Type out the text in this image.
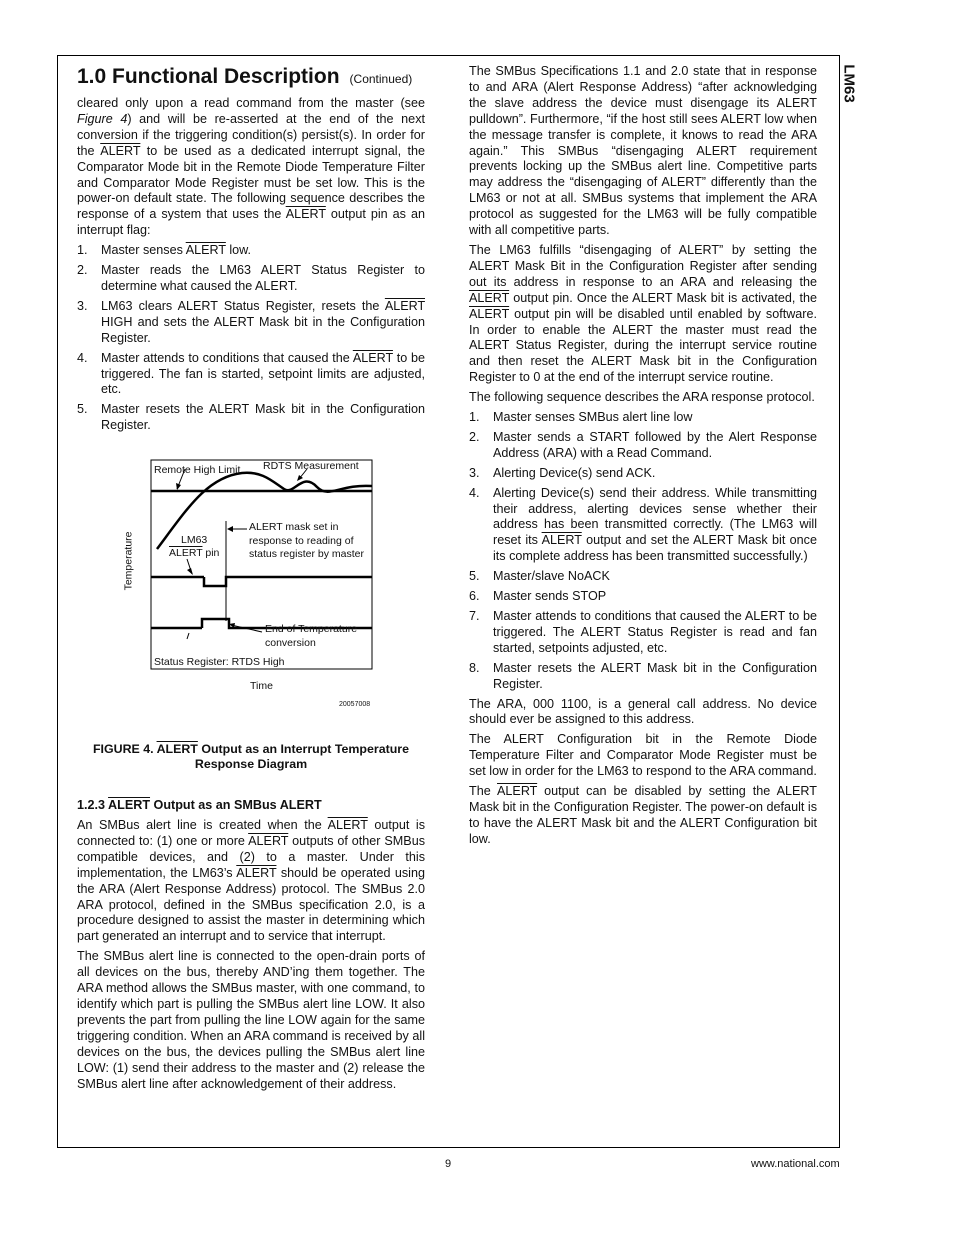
LM63
1.0 Functional Description (Continued)

cleared only upon a read command from the master (see Figure 4) and will be re-asserted at the end of the next conversion if the triggering condition(s) persist(s). In order for the ALERT to be used as a dedicated interrupt signal, the Comparator Mode bit in the Remote Diode Temperature Filter and Comparator Mode Register must be set low. This is the power-on default state. The following sequence describes the response of a system that uses the ALERT output pin as an interrupt flag:

1.	Master senses ALERT low.
2.	Master reads the LM63 ALERT Status Register to determine what caused the ALERT.
3.	LM63 clears ALERT Status Register, resets the ALERT HIGH and sets the ALERT Mask bit in the Configuration Register.
4.	Master attends to conditions that caused the ALERT to be triggered. The fan is started, setpoint limits are adjusted, etc.
5.	Master resets the ALERT Mask bit in the Configuration Register.
Remote High Limit RDTS Measurement
LM63
ALERT pin
ALERT mask set in
response to reading of
status register by master
End of Temperature
conversion
Status Register: RTDS High
Temperature
Time
20057008
FIGURE 4. ALERT Output as an Interrupt Temperature
Response Diagram
1.2.3 ALERT Output as an SMBus ALERT

An SMBus alert line is created when the ALERT output is connected to: (1) one or more ALERT outputs of other SMBus compatible devices, and (2) to a master. Under this implementation, the LM63’s ALERT should be operated using the ARA (Alert Response Address) protocol. The SMBus 2.0 ARA protocol, defined in the SMBus specification 2.0, is a procedure designed to assist the master in determining which part generated an interrupt and to service that interrupt.

The SMBus alert line is connected to the open-drain ports of all devices on the bus, thereby AND’ing them together. The ARA method allows the SMBus master, with one command, to identify which part is pulling the SMBus alert line LOW. It also prevents the part from pulling the line LOW again for the same triggering condition. When an ARA command is received by all devices on the bus, the devices pulling the SMBus alert line LOW: (1) send their address to the master and (2) release the SMBus alert line after acknowledgement of their address.

The SMBus Specifications 1.1 and 2.0 state that in response to and ARA (Alert Response Address) “after acknowledging the slave address the device must disengage its ALERT pulldown”. Furthermore, “if the host still sees ALERT low when the message transfer is complete, it knows to read the ARA again.” This SMBus “disengaging ALERT requirement prevents locking up the SMBus alert line. Competitive parts may address the “disengaging of ALERT” differently than the LM63 or not at all. SMBus systems that implement the ARA protocol as suggested for the LM63 will be fully compatible with all competitive parts.

The LM63 fulfills “disengaging of ALERT” by setting the ALERT Mask Bit in the Configuration Register after sending out its address in response to an ARA and releasing the ALERT output pin. Once the ALERT Mask bit is activated, the ALERT output pin will be disabled until enabled by software. In order to enable the ALERT the master must read the ALERT Status Register, during the interrupt service routine and then reset the ALERT Mask bit in the Configuration Register to 0 at the end of the interrupt service routine.

The following sequence describes the ARA response protocol.

1.	Master senses SMBus alert line low
2.	Master sends a START followed by the Alert Response Address (ARA) with a Read Command.
3.	Alerting Device(s) send ACK.
4.	Alerting Device(s) send their address. While transmitting their address, alerting devices sense whether their address has been transmitted correctly. (The LM63 will reset its ALERT output and set the ALERT Mask bit once its complete address has been transmitted successfully.)
5.	Master/slave NoACK
6.	Master sends STOP
7.	Master attends to conditions that caused the ALERT to be triggered. The ALERT Status Register is read and fan started, setpoints adjusted, etc.
8.	Master resets the ALERT Mask bit in the Configuration Register.

The ARA, 000 1100, is a general call address. No device should ever be assigned to this address.

The ALERT Configuration bit in the Remote Diode Temperature Filter and Comparator Mode Register must be set low in order for the LM63 to respond to the ARA command.

The ALERT output can be disabled by setting the ALERT Mask bit in the Configuration Register. The power-on default is to have the ALERT Mask bit and the ALERT Configuration bit low.

9	www.national.com
